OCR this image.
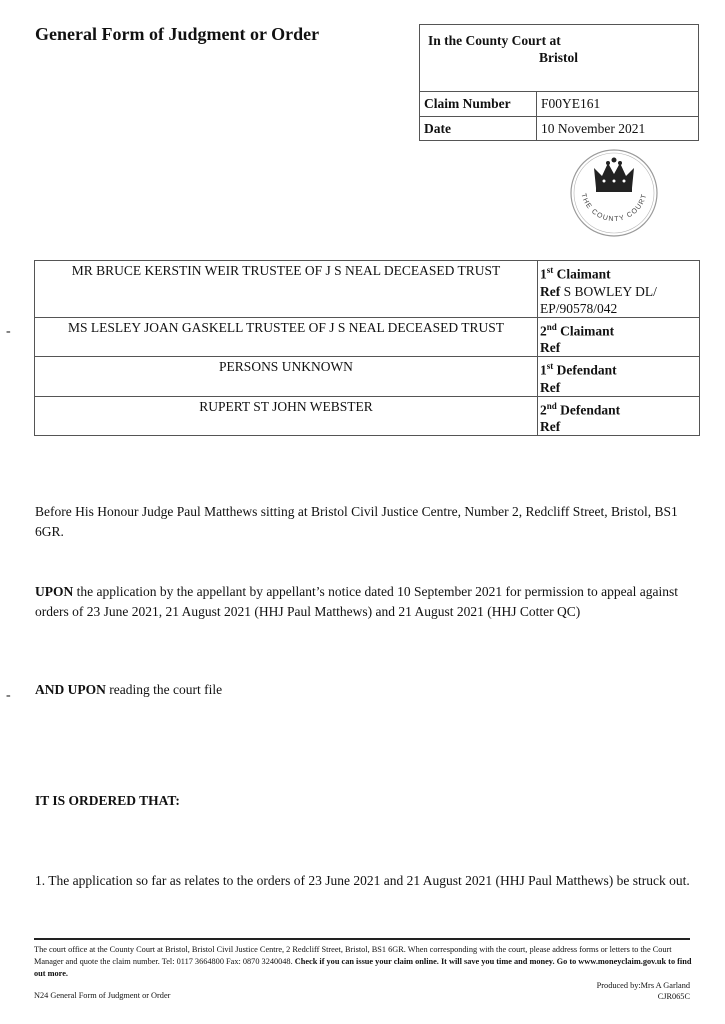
General Form of Judgment or Order	In the County Court at
Bristol
Claim Number	F00YE161
Date	10 November 2021
THE COUNTY COURT
MR BRUCE KERSTIN WEIR TRUSTEE OF J S NEAL DECEASED TRUST	1st Claimant
Ref S BOWLEY DL/ EP/90578/042

MS LESLEY JOAN GASKELL TRUSTEE OF J S NEAL DECEASED TRUST	2nd Claimant
Ref

PERSONS UNKNOWN	1st Defendant
Ref

RUPERT ST JOHN WEBSTER	2nd Defendant
Ref
-
-
Before His Honour Judge Paul Matthews sitting at Bristol Civil Justice Centre, Number 2, Redcliff Street, Bristol, BS1 6GR.
UPON the application by the appellant by appellant’s notice dated 10 September 2021 for permission to appeal against orders of 23 June 2021, 21 August 2021 (HHJ Paul Matthews) and 21 August 2021 (HHJ Cotter QC)
AND UPON reading the court file
IT IS ORDERED THAT:
1. The application so far as relates to the orders of 23 June 2021 and 21 August 2021 (HHJ Paul Matthews) be struck out.
The court office at the County Court at Bristol, Bristol Civil Justice Centre, 2 Redcliff Street, Bristol, BS1 6GR. When corresponding with the court, please address forms or letters to the Court Manager and quote the claim number. Tel: 0117 3664800 Fax: 0870 3240048. Check if you can issue your claim online. It will save you time and money. Go to www.moneyclaim.gov.uk to find out more.
Produced by:Mrs A Garland
CJR065C
N24 General Form of Judgment or Order
